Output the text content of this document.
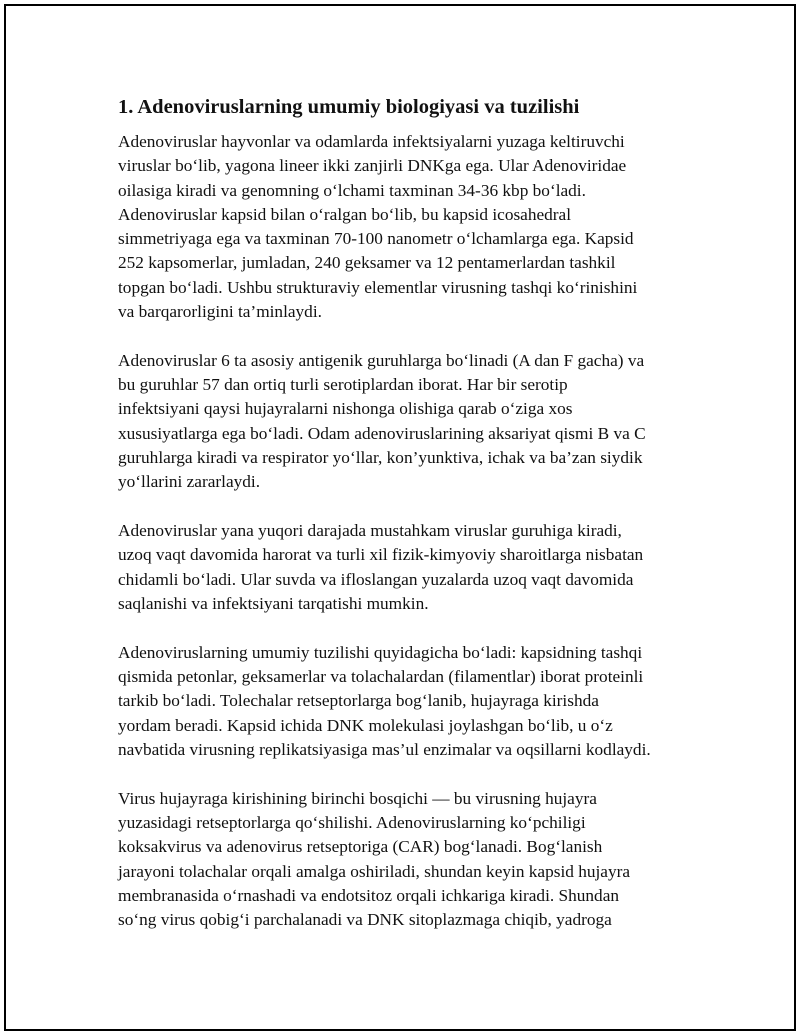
1. Adenoviruslarning umumiy biologiyasi va tuzilishi

Adenoviruslar hayvonlar va odamlarda infektsiyalarni yuzaga keltiruvchi
viruslar bo‘lib, yagona lineer ikki zanjirli DNKga ega. Ular Adenoviridae
oilasiga kiradi va genomning o‘lchami taxminan 34-36 kbp bo‘ladi.
Adenoviruslar kapsid bilan o‘ralgan bo‘lib, bu kapsid icosahedral
simmetriyaga ega va taxminan 70-100 nanometr o‘lchamlarga ega. Kapsid
252 kapsomerlar, jumladan, 240 geksamer va 12 pentamerlardan tashkil
topgan bo‘ladi. Ushbu strukturaviy elementlar virusning tashqi ko‘rinishini
va barqarorligini ta’minlaydi.

Adenoviruslar 6 ta asosiy antigenik guruhlarga bo‘linadi (A dan F gacha) va
bu guruhlar 57 dan ortiq turli serotiplardan iborat. Har bir serotip
infektsiyani qaysi hujayralarni nishonga olishiga qarab o‘ziga xos
xususiyatlarga ega bo‘ladi. Odam adenoviruslarining aksariyat qismi B va C
guruhlarga kiradi va respirator yo‘llar, kon’yunktiva, ichak va ba’zan siydik
yo‘llarini zararlaydi.

Adenoviruslar yana yuqori darajada mustahkam viruslar guruhiga kiradi,
uzoq vaqt davomida harorat va turli xil fizik-kimyoviy sharoitlarga nisbatan
chidamli bo‘ladi. Ular suvda va ifloslangan yuzalarda uzoq vaqt davomida
saqlanishi va infektsiyani tarqatishi mumkin.

Adenoviruslarning umumiy tuzilishi quyidagicha bo‘ladi: kapsidning tashqi
qismida petonlar, geksamerlar va tolachalardan (filamentlar) iborat proteinli
tarkib bo‘ladi. Tolechalar retseptorlarga bog‘lanib, hujayraga kirishda
yordam beradi. Kapsid ichida DNK molekulasi joylashgan bo‘lib, u o‘z
navbatida virusning replikatsiyasiga mas’ul enzimalar va oqsillarni kodlaydi.

Virus hujayraga kirishining birinchi bosqichi — bu virusning hujayra
yuzasidagi retseptorlarga qo‘shilishi. Adenoviruslarning ko‘pchiligi
koksakvirus va adenovirus retseptoriga (CAR) bog‘lanadi. Bog‘lanish
jarayoni tolachalar orqali amalga oshiriladi, shundan keyin kapsid hujayra
membranasida o‘rnashadi va endotsitoz orqali ichkariga kiradi. Shundan
so‘ng virus qobig‘i parchalanadi va DNK sitoplazmaga chiqib, yadroga
